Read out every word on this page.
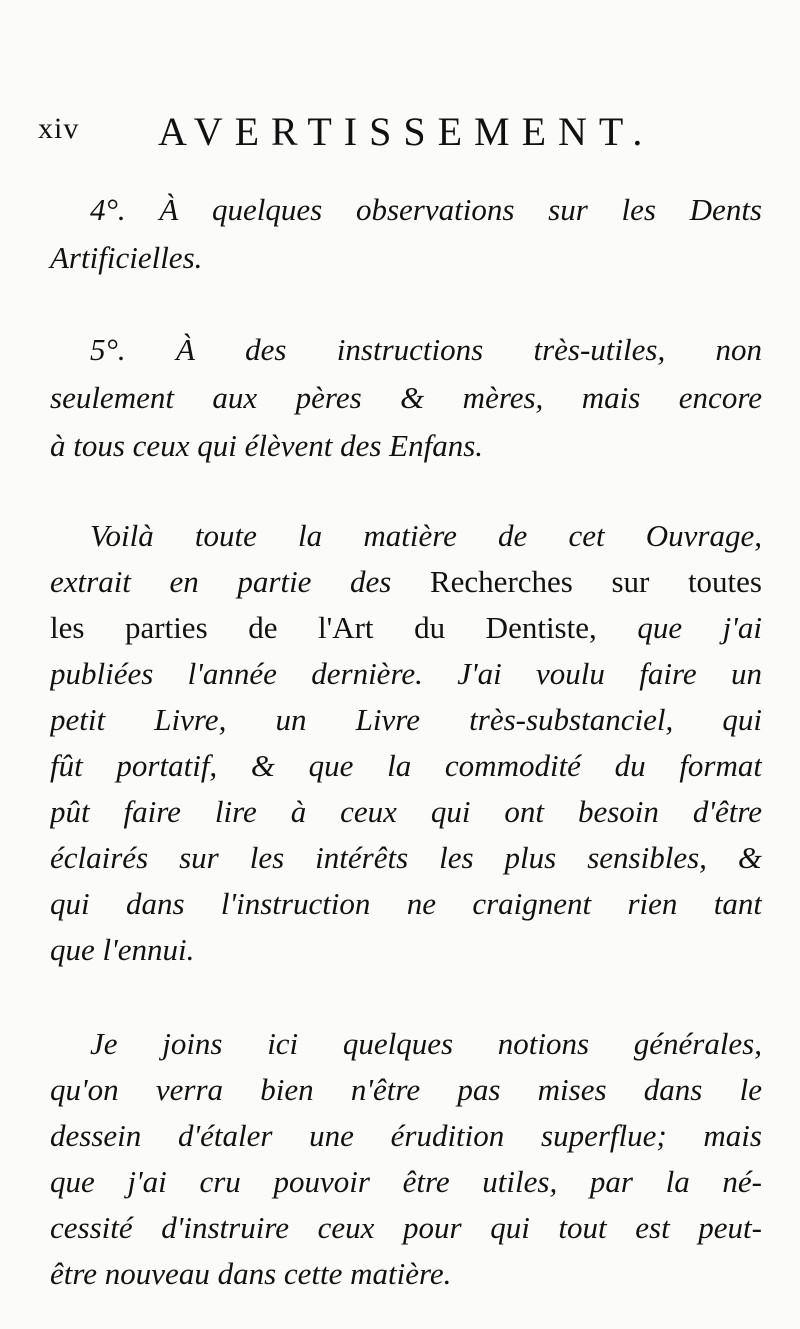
xiv AVERTISSEMENT.
4°. À quelques observations sur les Dents
Artificielles.
5°. À des instructions très-utiles, non
seulement aux pères & mères, mais encore
à tous ceux qui élèvent des Enfans.
Voilà toute la matière de cet Ouvrage,
extrait en partie des Recherches sur toutes
les parties de l'Art du Dentiste, que j'ai
publiées l'année dernière. J'ai voulu faire un
petit Livre, un Livre très-substanciel, qui
fût portatif, & que la commodité du format
pût faire lire à ceux qui ont besoin d'être
éclairés sur les intérêts les plus sensibles, &
qui dans l'instruction ne craignent rien tant
que l'ennui.
Je joins ici quelques notions générales,
qu'on verra bien n'être pas mises dans le
dessein d'étaler une érudition superflue; mais
que j'ai cru pouvoir être utiles, par la né-
cessité d'instruire ceux pour qui tout est peut-
être nouveau dans cette matière.
